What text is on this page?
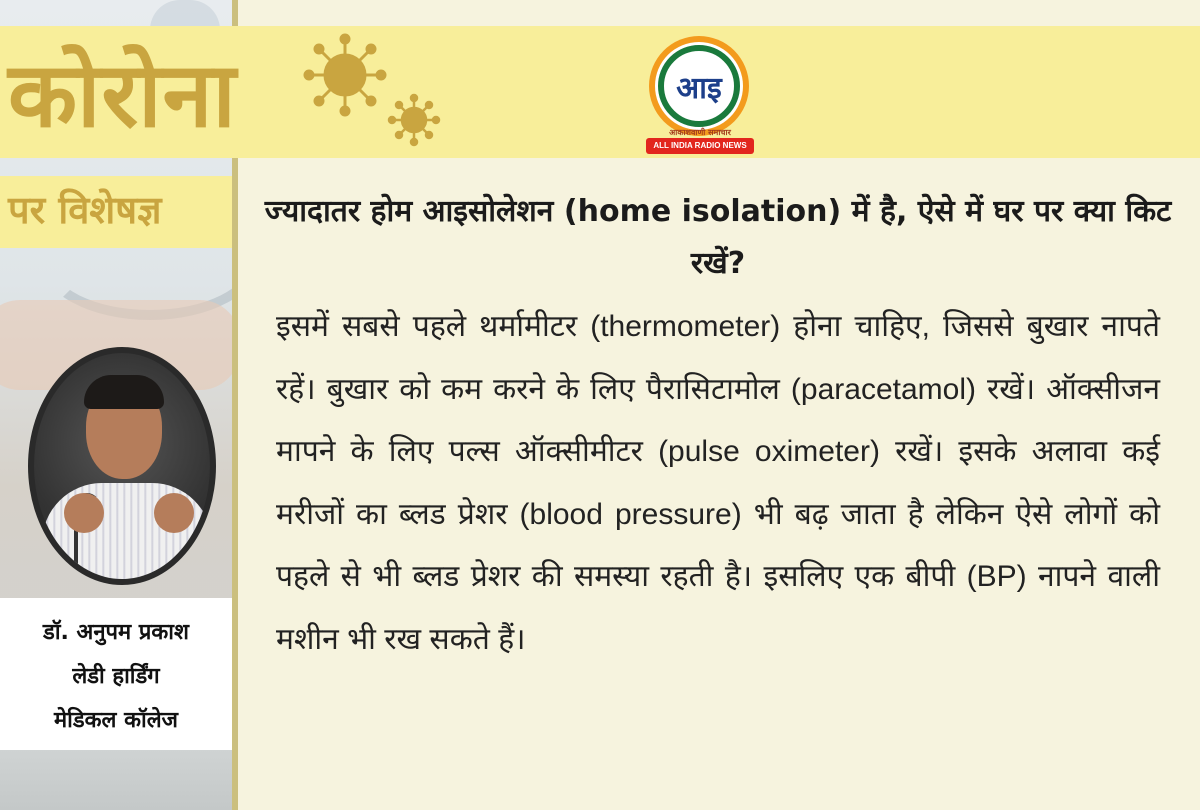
कोरोना
पर विशेषज्ञ
आइ
आकाशवाणी समाचार
ALL INDIA RADIO NEWS
ज्यादातर होम आइसोलेशन (home isolation) में है, ऐसे में घर पर क्या किट रखें?
इसमें सबसे पहले थर्मामीटर (thermometer) होना चाहिए, जिससे बुखार नापते रहें। बुखार को कम करने के लिए पैरासिटामोल (paracetamol) रखें। ऑक्सीजन मापने के लिए पल्स ऑक्सीमीटर (pulse oximeter) रखें। इसके अलावा कई मरीजों का ब्लड प्रेशर (blood pressure) भी बढ़ जाता है लेकिन ऐसे लोगों को पहले से भी ब्लड प्रेशर की समस्या रहती है। इसलिए एक बीपी (BP) नापने वाली मशीन भी रख सकते हैं।
डॉ. अनुपम प्रकाश
लेडी हार्डिंग
मेडिकल कॉलेज
